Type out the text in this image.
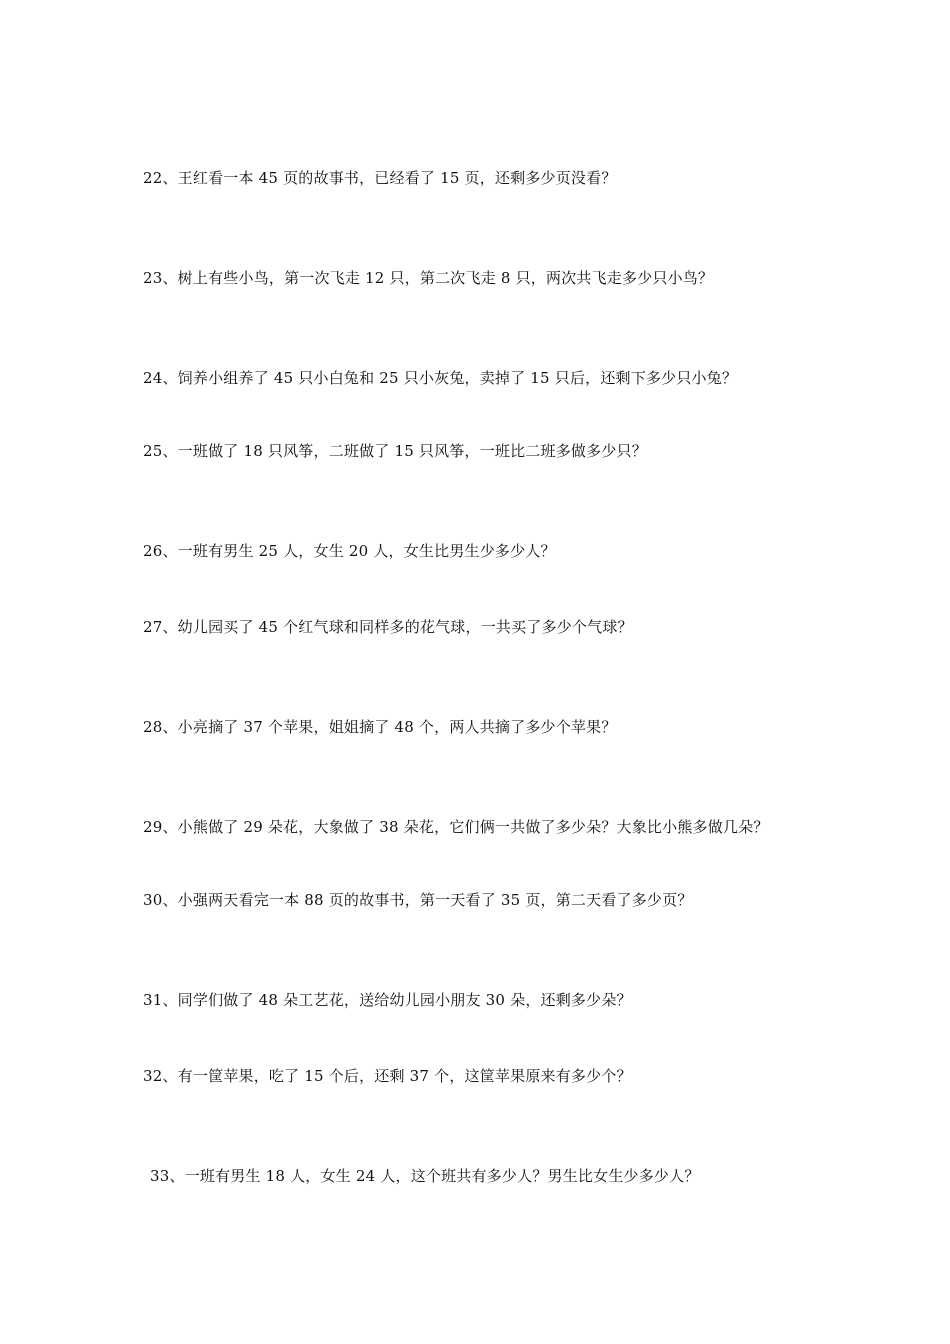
22、王红看一本 45 页的故事书，已经看了 15 页，还剩多少页没看？
23、树上有些小鸟，第一次飞走 12 只，第二次飞走 8 只，两次共飞走多少只小鸟？
24、饲养小组养了 45 只小白兔和 25 只小灰兔，卖掉了 15 只后，还剩下多少只小兔？
25、一班做了 18 只风筝，二班做了 15 只风筝，一班比二班多做多少只？
26、一班有男生 25 人，女生 20 人，女生比男生少多少人？
27、幼儿园买了 45 个红气球和同样多的花气球，一共买了多少个气球？
28、小亮摘了 37 个苹果，姐姐摘了 48 个，两人共摘了多少个苹果？
29、小熊做了 29 朵花，大象做了 38 朵花，它们俩一共做了多少朵？大象比小熊多做几朵？
30、小强两天看完一本 88 页的故事书，第一天看了 35 页，第二天看了多少页？
31、同学们做了 48 朵工艺花，送给幼儿园小朋友 30 朵，还剩多少朵？
32、有一筐苹果，吃了 15 个后，还剩 37 个，这筐苹果原来有多少个？
33、一班有男生 18 人，女生 24 人，这个班共有多少人？男生比女生少多少人？
